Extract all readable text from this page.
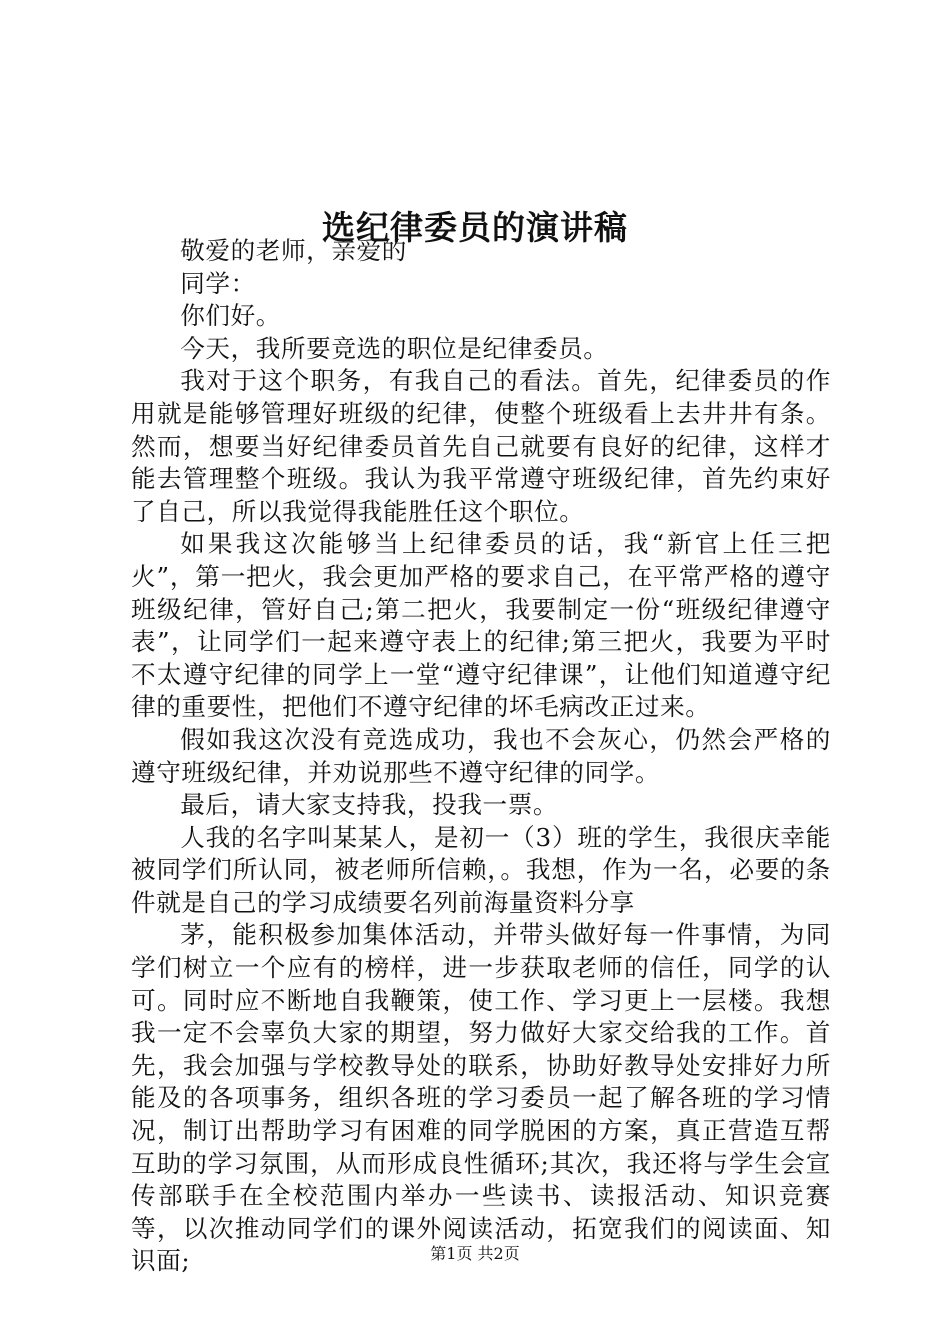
选纪律委员的演讲稿

敬爱的老师，亲爱的

同学：

你们好。

今天，我所要竞选的职位是纪律委员。

我对于这个职务，有我自己的看法。首先，纪律委员的作用就是能够管理好班级的纪律，使整个班级看上去井井有条。然而，想要当好纪律委员首先自己就要有良好的纪律，这样才能去管理整个班级。我认为我平常遵守班级纪律，首先约束好了自己，所以我觉得我能胜任这个职位。

如果我这次能够当上纪律委员的话，我“新官上任三把火”，第一把火，我会更加严格的要求自己，在平常严格的遵守班级纪律，管好自己;第二把火，我要制定一份“班级纪律遵守表”，让同学们一起来遵守表上的纪律;第三把火，我要为平时不太遵守纪律的同学上一堂“遵守纪律课”，让他们知道遵守纪律的重要性，把他们不遵守纪律的坏毛病改正过来。

假如我这次没有竞选成功，我也不会灰心，仍然会严格的遵守班级纪律，并劝说那些不遵守纪律的同学。

最后，请大家支持我，投我一票。

人我的名字叫某某人，是初一（3）班的学生，我很庆幸能被同学们所认同，被老师所信赖，。我想，作为一名，必要的条件就是自己的学习成绩要名列前海量资料分享

茅，能积极参加集体活动，并带头做好每一件事情，为同学们树立一个应有的榜样，进一步获取老师的信任，同学的认可。同时应不断地自我鞭策，使工作、学习更上一层楼。我想我一定不会辜负大家的期望，努力做好大家交给我的工作。首先，我会加强与学校教导处的联系，协助好教导处安排好力所能及的各项事务，组织各班的学习委员一起了解各班的学习情况，制订出帮助学习有困难的同学脱困的方案，真正营造互帮互助的学习氛围，从而形成良性循环;其次，我还将与学生会宣传部联手在全校范围内举办一些读书、读报活动、知识竞赛等，以次推动同学们的课外阅读活动，拓宽我们的阅读面、知识面;	第1页 共2页
